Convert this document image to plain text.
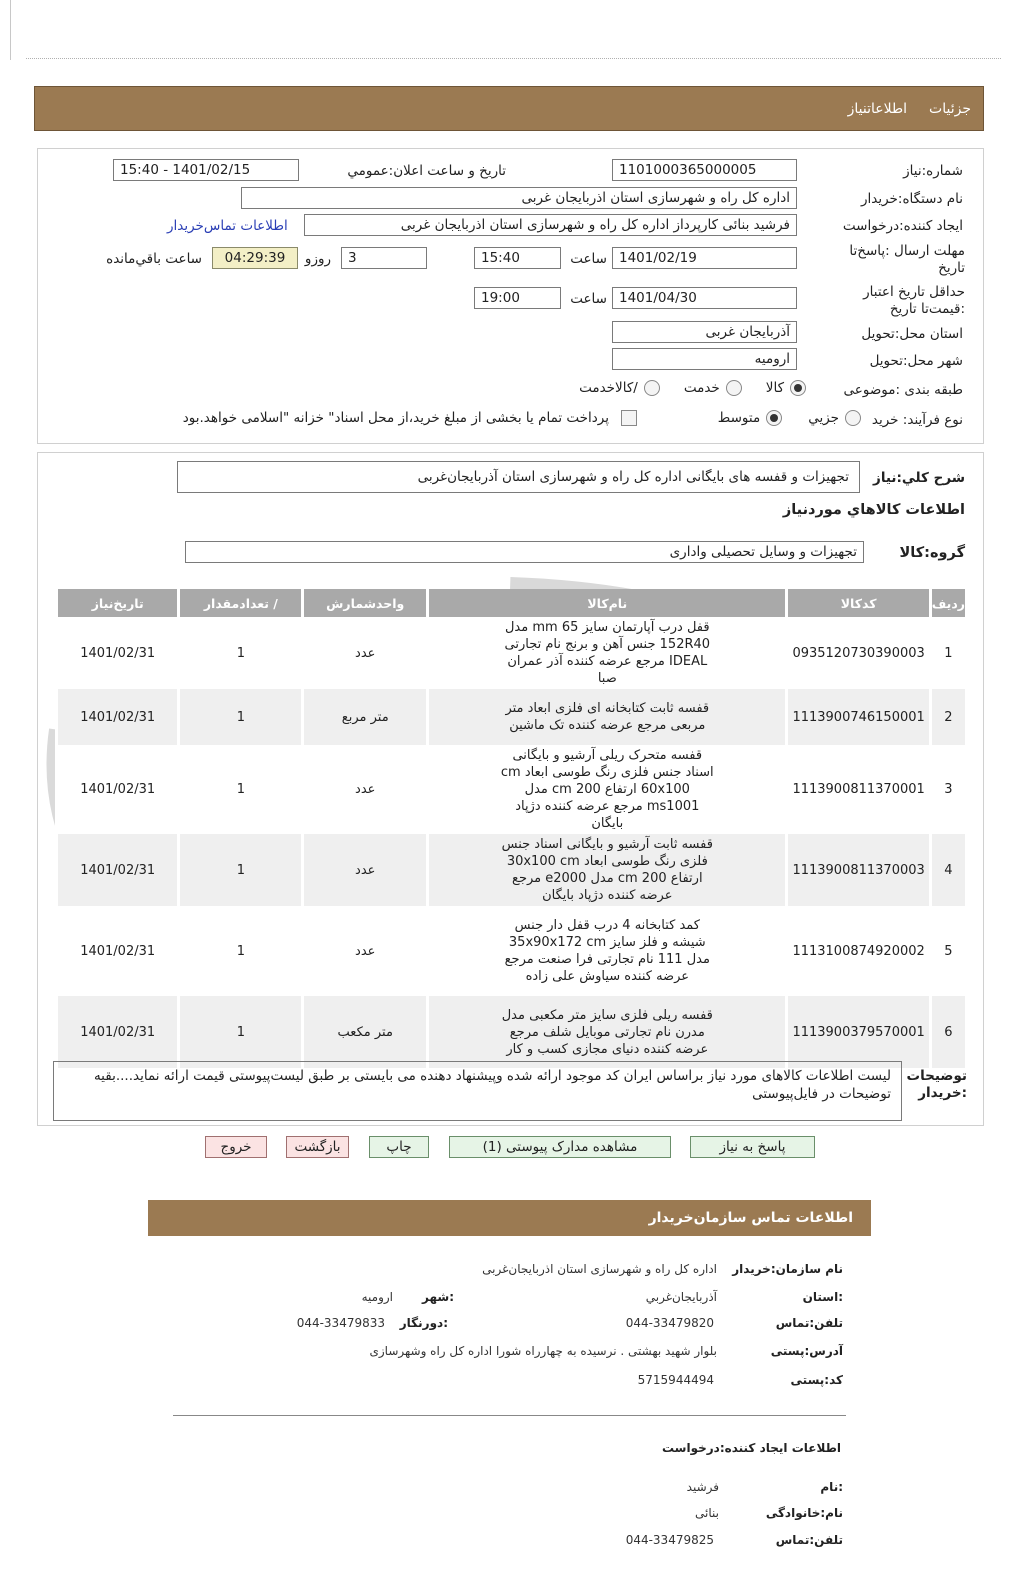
جزئیات
اطلاعاتنیاز
شماره:نیاز
1101000365000005
تاریخ و ساعت اعلان:عمومي
1401/02/15 - 15:40
نام دستگاه:خریدار
اداره کل راه و شهرسازی استان اذربایجان غربی
ايجاد كننده:درخواست
فرشید بنائی کارپرداز اداره کل راه و شهرسازی استان اذربایجان غربی
اطلاعات تماس‌خریدار
مهلت ارسال :پاسخ‌تا تاریخ
1401/02/19
ساعت
15:40
3
روزو
04:29:39
ساعت باقي‌مانده
حداقل تاریخ اعتبار :قیمت‌تا تاریخ
1401/04/30
ساعت
19:00
استان محل:تحویل
آذربایجان غربی
شهر محل:تحویل
ارومیه
طبقه بندی :موضوعی
کالا
خدمت
/کالاخدمت
نوع فرآیند: خرید
جزيي
متوسط
پرداخت تمام یا بخشی از مبلغ خرید،از محل اسناد" خزانه "اسلامی خواهد.بود
شرح كلي:نياز
تجهیزات و قفسه های بایگانی اداره کل راه و شهرسازی استان آذربایجان‌غربی
اطلاعات كالاهاي موردنياز
گروه:کالا
تجهیزات و وسایل تحصیلی واداری
رديف	كدكالا	نام‌کالا	واحدشمارش	/ تعدادمقدار	تاريخ‌نياز
1	0935120730390003	قفل درب آپارتمان سایز mm 65 مدل 152R40 جنس آهن و برنج نام تجارتی IDEAL مرجع عرضه کننده آذر عمران صبا	عدد	1	1401/02/31
2	1113900746150001	قفسه ثابت کتابخانه ای فلزی ابعاد متر مربعی مرجع عرضه کننده تک ماشین	متر مربع	1	1401/02/31
3	1113900811370001	قفسه متحرک ریلی آرشیو و بایگانی اسناد جنس فلزی رنگ طوسی ابعاد cm 60x100 ارتفاع cm 200 مدل ms1001 مرجع عرضه کننده دژپاد بایگان	عدد	1	1401/02/31
4	1113900811370003	قفسه ثابت آرشیو و بایگانی اسناد جنس فلزی رنگ طوسی ابعاد 30x100 cm ارتفاع cm 200 مدل e2000 مرجع عرضه کننده دژپاد بایگان	عدد	1	1401/02/31
5	1113100874920002	کمد کتابخانه 4 درب قفل دار جنس شیشه و فلز سایز 35x90x172 cm مدل 111 نام تجارتی فرا صنعت مرجع عرضه کننده سیاوش علی زاده	عدد	1	1401/02/31
6	1113900379570001	قفسه ریلی فلزی سایز متر مکعبی مدل مدرن نام تجارتی موبایل شلف مرجع عرضه کننده دنیای مجازی کسب و کار	متر مکعب	1	1401/02/31
توضيحات :خريدار
لیست اطلاعات کالاهای مورد نیاز براساس ایران کد موجود ارائه شده وپیشنهاد دهنده می بایستی بر طبق لیست‌پیوستی قیمت ارائه نماید....بقیه توضیحات در فایل‌پیوستی
پاسخ به نياز
مشاهده مدارک پیوستی (1)
چاپ
بازگشت
خروج
اطلاعات تماس سازمان‌خريدار
نام سازمان:خريدار
اداره كل راه و شهرسازی استان اذربایجان‌غربی
:استان
آذربايجان‌غربي
:شهر
اروميه
تلفن:تماس
044-33479820
:دورنگار
044-33479833
آدرس:پستی
بلوار شهید بهشتی . نرسیده به چهارراه شورا اداره کل راه وشهرسازی
کد:پستی
5715944494
اطلاعات ايجاد كننده:درخواست
:نام
فرشید
نام:خانوادگی
بنائی
تلفن:تماس
044-33479825
